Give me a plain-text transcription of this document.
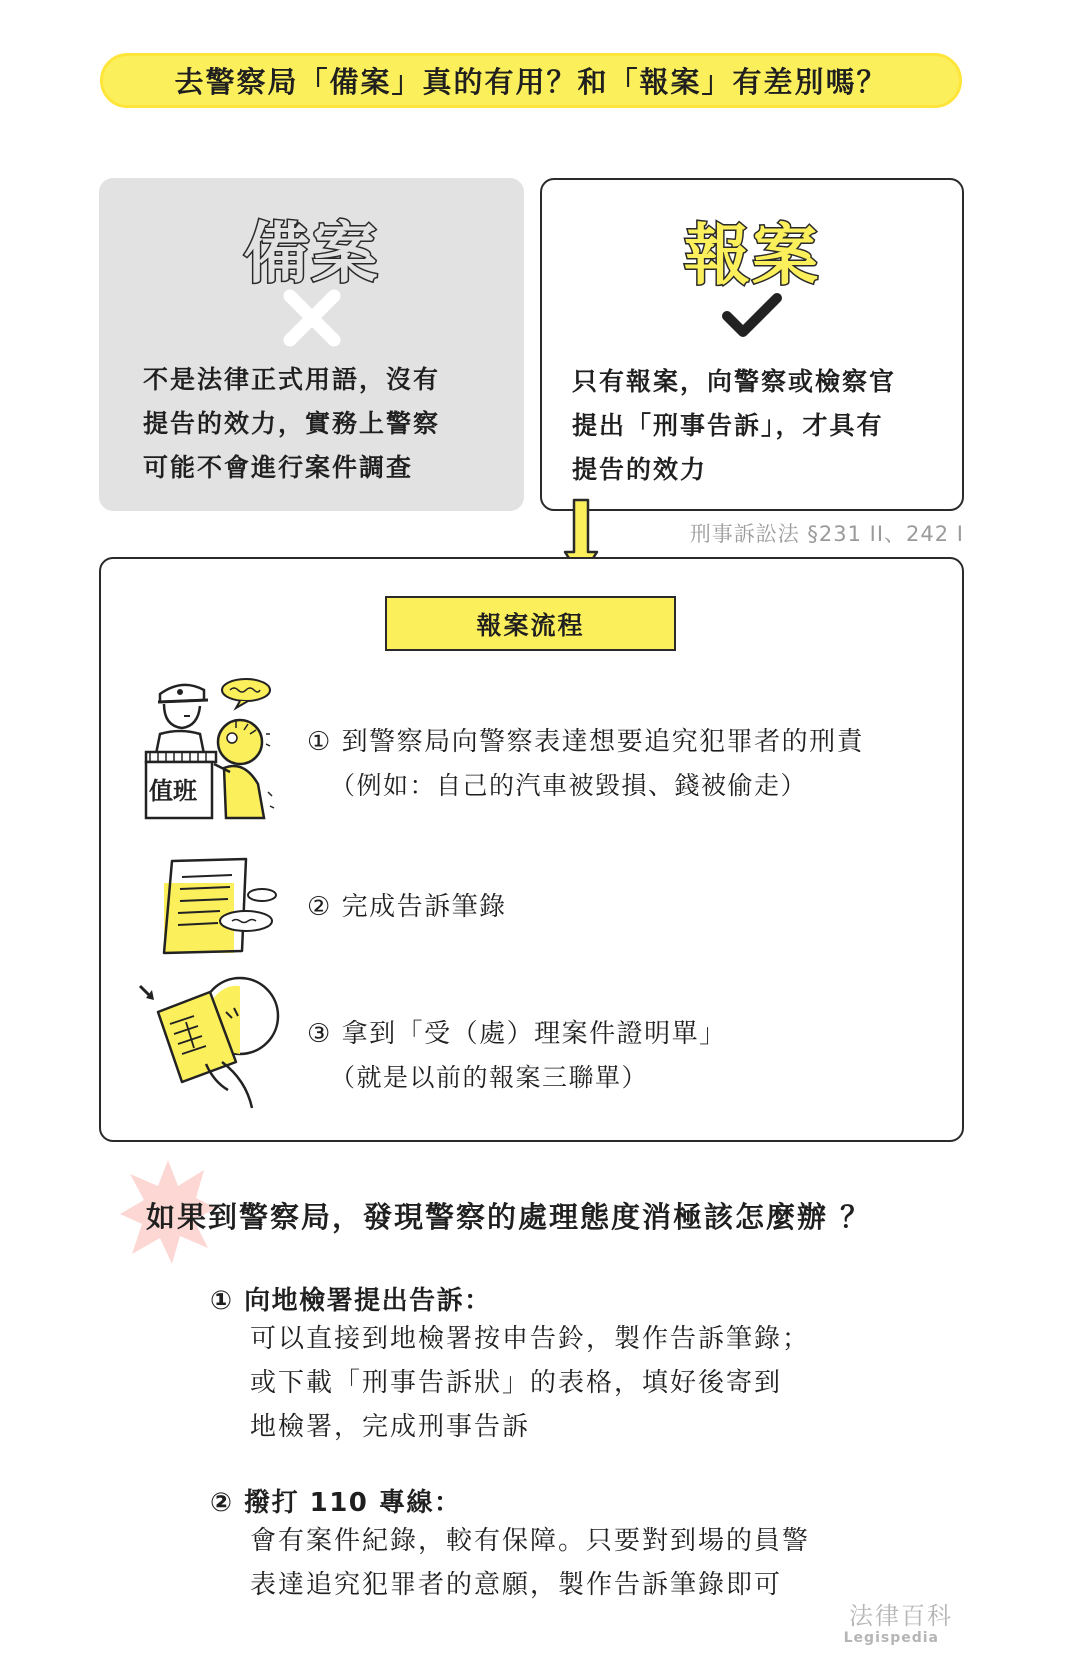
去警察局「備案」真的有用？和「報案」有差別嗎？
備案
不是法律正式用語，沒有
提告的效力，實務上警察
可能不會進行案件調查
報案
只有報案，向警察或檢察官
提出「刑事告訴」，才具有
提告的效力
刑事訴訟法 §231 II、242 I
報案流程
值班
① 到警察局向警察表達想要追究犯罪者的刑責
（例如：自己的汽車被毀損、錢被偷走）
② 完成告訴筆錄
③ 拿到「受（處）理案件證明單」
（就是以前的報案三聯單）
如果到警察局，發現警察的處理態度消極該怎麼辦 ？
① 向地檢署提出告訴：
可以直接到地檢署按申告鈴，製作告訴筆錄；
或下載「刑事告訴狀」的表格，填好後寄到
地檢署，完成刑事告訴
② 撥打 110 專線：
會有案件紀錄，較有保障。只要對到場的員警
表達追究犯罪者的意願，製作告訴筆錄即可
法律百科
Legispedia
